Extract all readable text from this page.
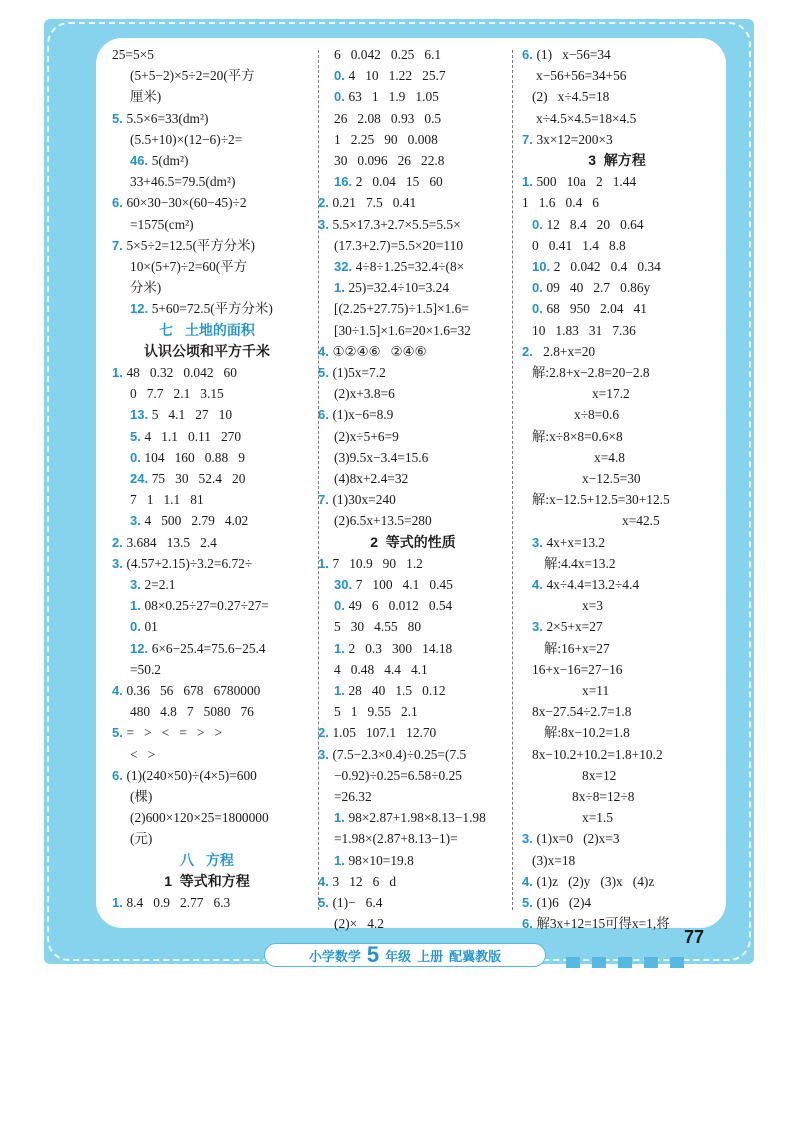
25=5×5
(5+5−2)×5÷2=20(平方
厘米)
5. 5.5×6=33(dm²)
(5.5+10)×(12−6)÷2=
46. 5(dm²)
33+46.5=79.5(dm²)
6. 60×30−30×(60−45)÷2
=1575(cm²)
7. 5×5÷2=12.5(平方分米)
10×(5+7)÷2=60(平方
分米)
12. 5+60=72.5(平方分米)
七   土地的面积
认识公顷和平方千米
1. 48   0.32   0.042   60
0   7.7   2.1   3.15
13. 5   4.1   27   10
5. 4   1.1   0.11   270
0. 104   160   0.88   9
24. 75   30   52.4   20
7   1   1.1   81
3. 4   500   2.79   4.02
2. 3.684   13.5   2.4
3. (4.57+2.15)÷3.2=6.72÷
3. 2=2.1
1. 08×0.25÷27=0.27÷27=
0. 01
12. 6×6−25.4=75.6−25.4
=50.2
4. 0.36   56   678   6780000
480   4.8   7   5080   76
5. =   >   <   =   >   >
<   >
6. (1)(240×50)÷(4×5)=600
(棵)
(2)600×120×25=1800000
(元)
八   方程
1  等式和方程
1. 8.4   0.9   2.77   6.3
6   0.042   0.25   6.1
0. 4   10   1.22   25.7
0. 63   1   1.9   1.05
26   2.08   0.93   0.5
1   2.25   90   0.008
30   0.096   26   22.8
16. 2   0.04   15   60
2. 0.21   7.5   0.41
3. 5.5×17.3+2.7×5.5=5.5×
(17.3+2.7)=5.5×20=110
32. 4÷8÷1.25=32.4÷(8×
1. 25)=32.4÷10=3.24
[(2.25+27.75)÷1.5]×1.6=
[30÷1.5]×1.6=20×1.6=32
4. ①②④⑥   ②④⑥
5. (1)5x=7.2
(2)x+3.8=6
6. (1)x−6=8.9
(2)x÷5+6=9
(3)9.5x−3.4=15.6
(4)8x+2.4=32
7. (1)30x=240
(2)6.5x+13.5=280
2  等式的性质
1. 7   10.9   90   1.2
30. 7   100   4.1   0.45
0. 49   6   0.012   0.54
5   30   4.55   80
1. 2   0.3   300   14.18
4   0.48   4.4   4.1
1. 28   40   1.5   0.12
5   1   9.55   2.1
2. 1.05   107.1   12.70
3. (7.5−2.3×0.4)÷0.25=(7.5
−0.92)÷0.25=6.58÷0.25
=26.32
1. 98×2.87+1.98×8.13−1.98
=1.98×(2.87+8.13−1)=
1. 98×10=19.8
4. 3   12   6   d
5. (1)−   6.4
(2)×   4.2
6. (1)   x−56=34
x−56+56=34+56
(2)   x÷4.5=18
x÷4.5×4.5=18×4.5
7. 3x×12=200×3
3  解方程
1. 500   10a   2   1.44
1   1.6   0.4   6
0. 12   8.4   20   0.64
0   0.41   1.4   8.8
10. 2   0.042   0.4   0.34
0. 09   40   2.7   0.86y
0. 68   950   2.04   41
10   1.83   31   7.36
2.   2.8+x=20
解:2.8+x−2.8=20−2.8
x=17.2
x÷8=0.6
解:x÷8×8=0.6×8
x=4.8
x−12.5=30
解:x−12.5+12.5=30+12.5
x=42.5
3. 4x+x=13.2
解:4.4x=13.2
4. 4x÷4.4=13.2÷4.4
x=3
3. 2×5+x=27
解:16+x=27
16+x−16=27−16
x=11
8x−27.54÷2.7=1.8
解:8x−10.2=1.8
8x−10.2+10.2=1.8+10.2
8x=12
8x÷8=12÷8
x=1.5
3. (1)x=0   (2)x=3
(3)x=18
4. (1)z   (2)y   (3)x   (4)z
5. (1)6   (2)4
6. 解3x+12=15可得x=1,将
小学数学 5 年级 上册 配冀教版
77
